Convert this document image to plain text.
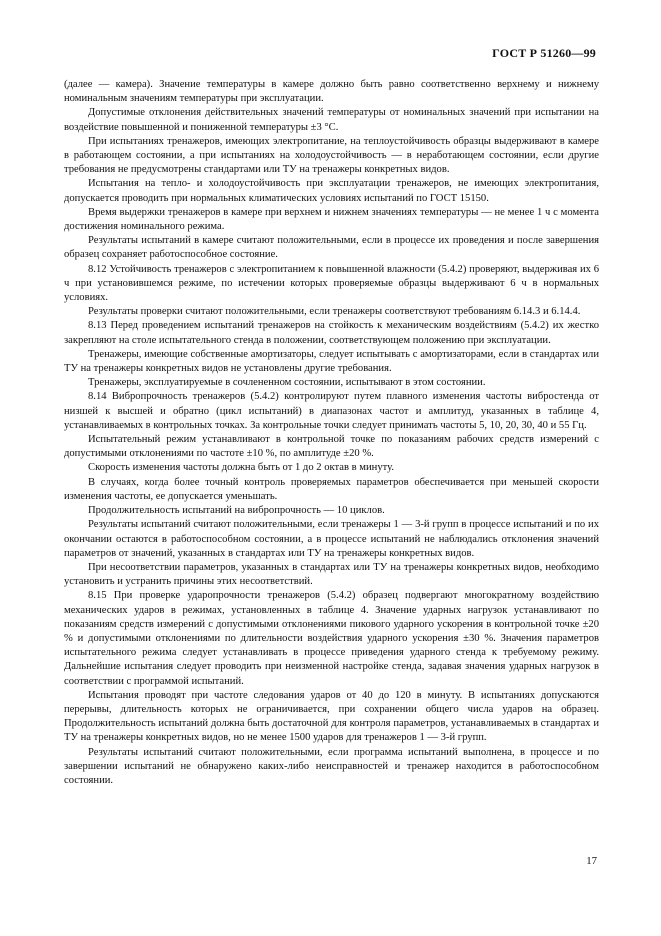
ГОСТ Р 51260—99

(далее — камера). Значение температуры в камере должно быть равно соответственно верхнему и нижнему номинальным значениям температуры при эксплуатации.

Допустимые отклонения действительных значений температуры от номинальных значений при испытании на воздействие повышенной и пониженной температуры ±3 °С.

При испытаниях тренажеров, имеющих электропитание, на теплоустойчивость образцы выдерживают в камере в работающем состоянии, а при испытаниях на холодоустойчивость — в неработающем состоянии, если другие требования не предусмотрены стандартами или ТУ на тренажеры конкретных видов.

Испытания на тепло- и холодоустойчивость при эксплуатации тренажеров, не имеющих электропитания, допускается проводить при нормальных климатических условиях испытаний по ГОСТ 15150.

Время выдержки тренажеров в камере при верхнем и нижнем значениях температуры — не менее 1 ч с момента достижения номинального режима.

Результаты испытаний в камере считают положительными, если в процессе их проведения и после завершения образец сохраняет работоспособное состояние.

8.12 Устойчивость тренажеров с электропитанием к повышенной влажности (5.4.2) проверяют, выдерживая их 6 ч при установившемся режиме, по истечении которых проверяемые образцы выдерживают 6 ч в нормальных условиях.

Результаты проверки считают положительными, если тренажеры соответствуют требованиям 6.14.3 и 6.14.4.

8.13 Перед проведением испытаний тренажеров на стойкость к механическим воздействиям (5.4.2) их жестко закрепляют на столе испытательного стенда в положении, соответствующем положению при эксплуатации.

Тренажеры, имеющие собственные амортизаторы, следует испытывать с амортизаторами, если в стандартах или ТУ на тренажеры конкретных видов не установлены другие требования.

Тренажеры, эксплуатируемые в сочлененном состоянии, испытывают в этом состоянии.

8.14 Вибропрочность тренажеров (5.4.2) контролируют путем плавного изменения частоты вибростенда от низшей к высшей и обратно (цикл испытаний) в диапазонах частот и амплитуд, указанных в таблице 4, устанавливаемых в контрольных точках. За контрольные точки следует принимать частоты 5, 10, 20, 30, 40 и 55 Гц.

Испытательный режим устанавливают в контрольной точке по показаниям рабочих средств измерений с допустимыми отклонениями по частоте ±10 %, по амплитуде ±20 %.

Скорость изменения частоты должна быть от 1 до 2 октав в минуту.

В случаях, когда более точный контроль проверяемых параметров обеспечивается при меньшей скорости изменения частоты, ее допускается уменьшать.

Продолжительность испытаний на вибропрочность — 10 циклов.

Результаты испытаний считают положительными, если тренажеры 1 — 3-й групп в процессе испытаний и по их окончании остаются в работоспособном состоянии, а в процессе испытаний не наблюдались отклонения значений параметров от значений, указанных в стандартах или ТУ на тренажеры конкретных видов.

При несоответствии параметров, указанных в стандартах или ТУ на тренажеры конкретных видов, необходимо установить и устранить причины этих несоответствий.

8.15 При проверке ударопрочности тренажеров (5.4.2) образец подвергают многократному воздействию механических ударов в режимах, установленных в таблице 4. Значение ударных нагрузок устанавливают по показаниям средств измерений с допустимыми отклонениями пикового ударного ускорения в контрольной точке ±20 % и допустимыми отклонениями по длительности воздействия ударного ускорения ±30 %. Значения параметров испытательного режима следует устанавливать в процессе приведения ударного стенда к требуемому режиму. Дальнейшие испытания следует проводить при неизменной настройке стенда, задавая значения ударных нагрузок в соответствии с программой испытаний.

Испытания проводят при частоте следования ударов от 40 до 120 в минуту. В испытаниях допускаются перерывы, длительность которых не ограничивается, при сохранении общего числа ударов на образец. Продолжительность испытаний должна быть достаточной для контроля параметров, устанавливаемых в стандартах и ТУ на тренажеры конкретных видов, но не менее 1500 ударов для тренажеров 1 — 3-й групп.

Результаты испытаний считают положительными, если программа испытаний выполнена, в процессе и по завершении испытаний не обнаружено каких-либо неисправностей и тренажер находится в работоспособном состоянии.

17
